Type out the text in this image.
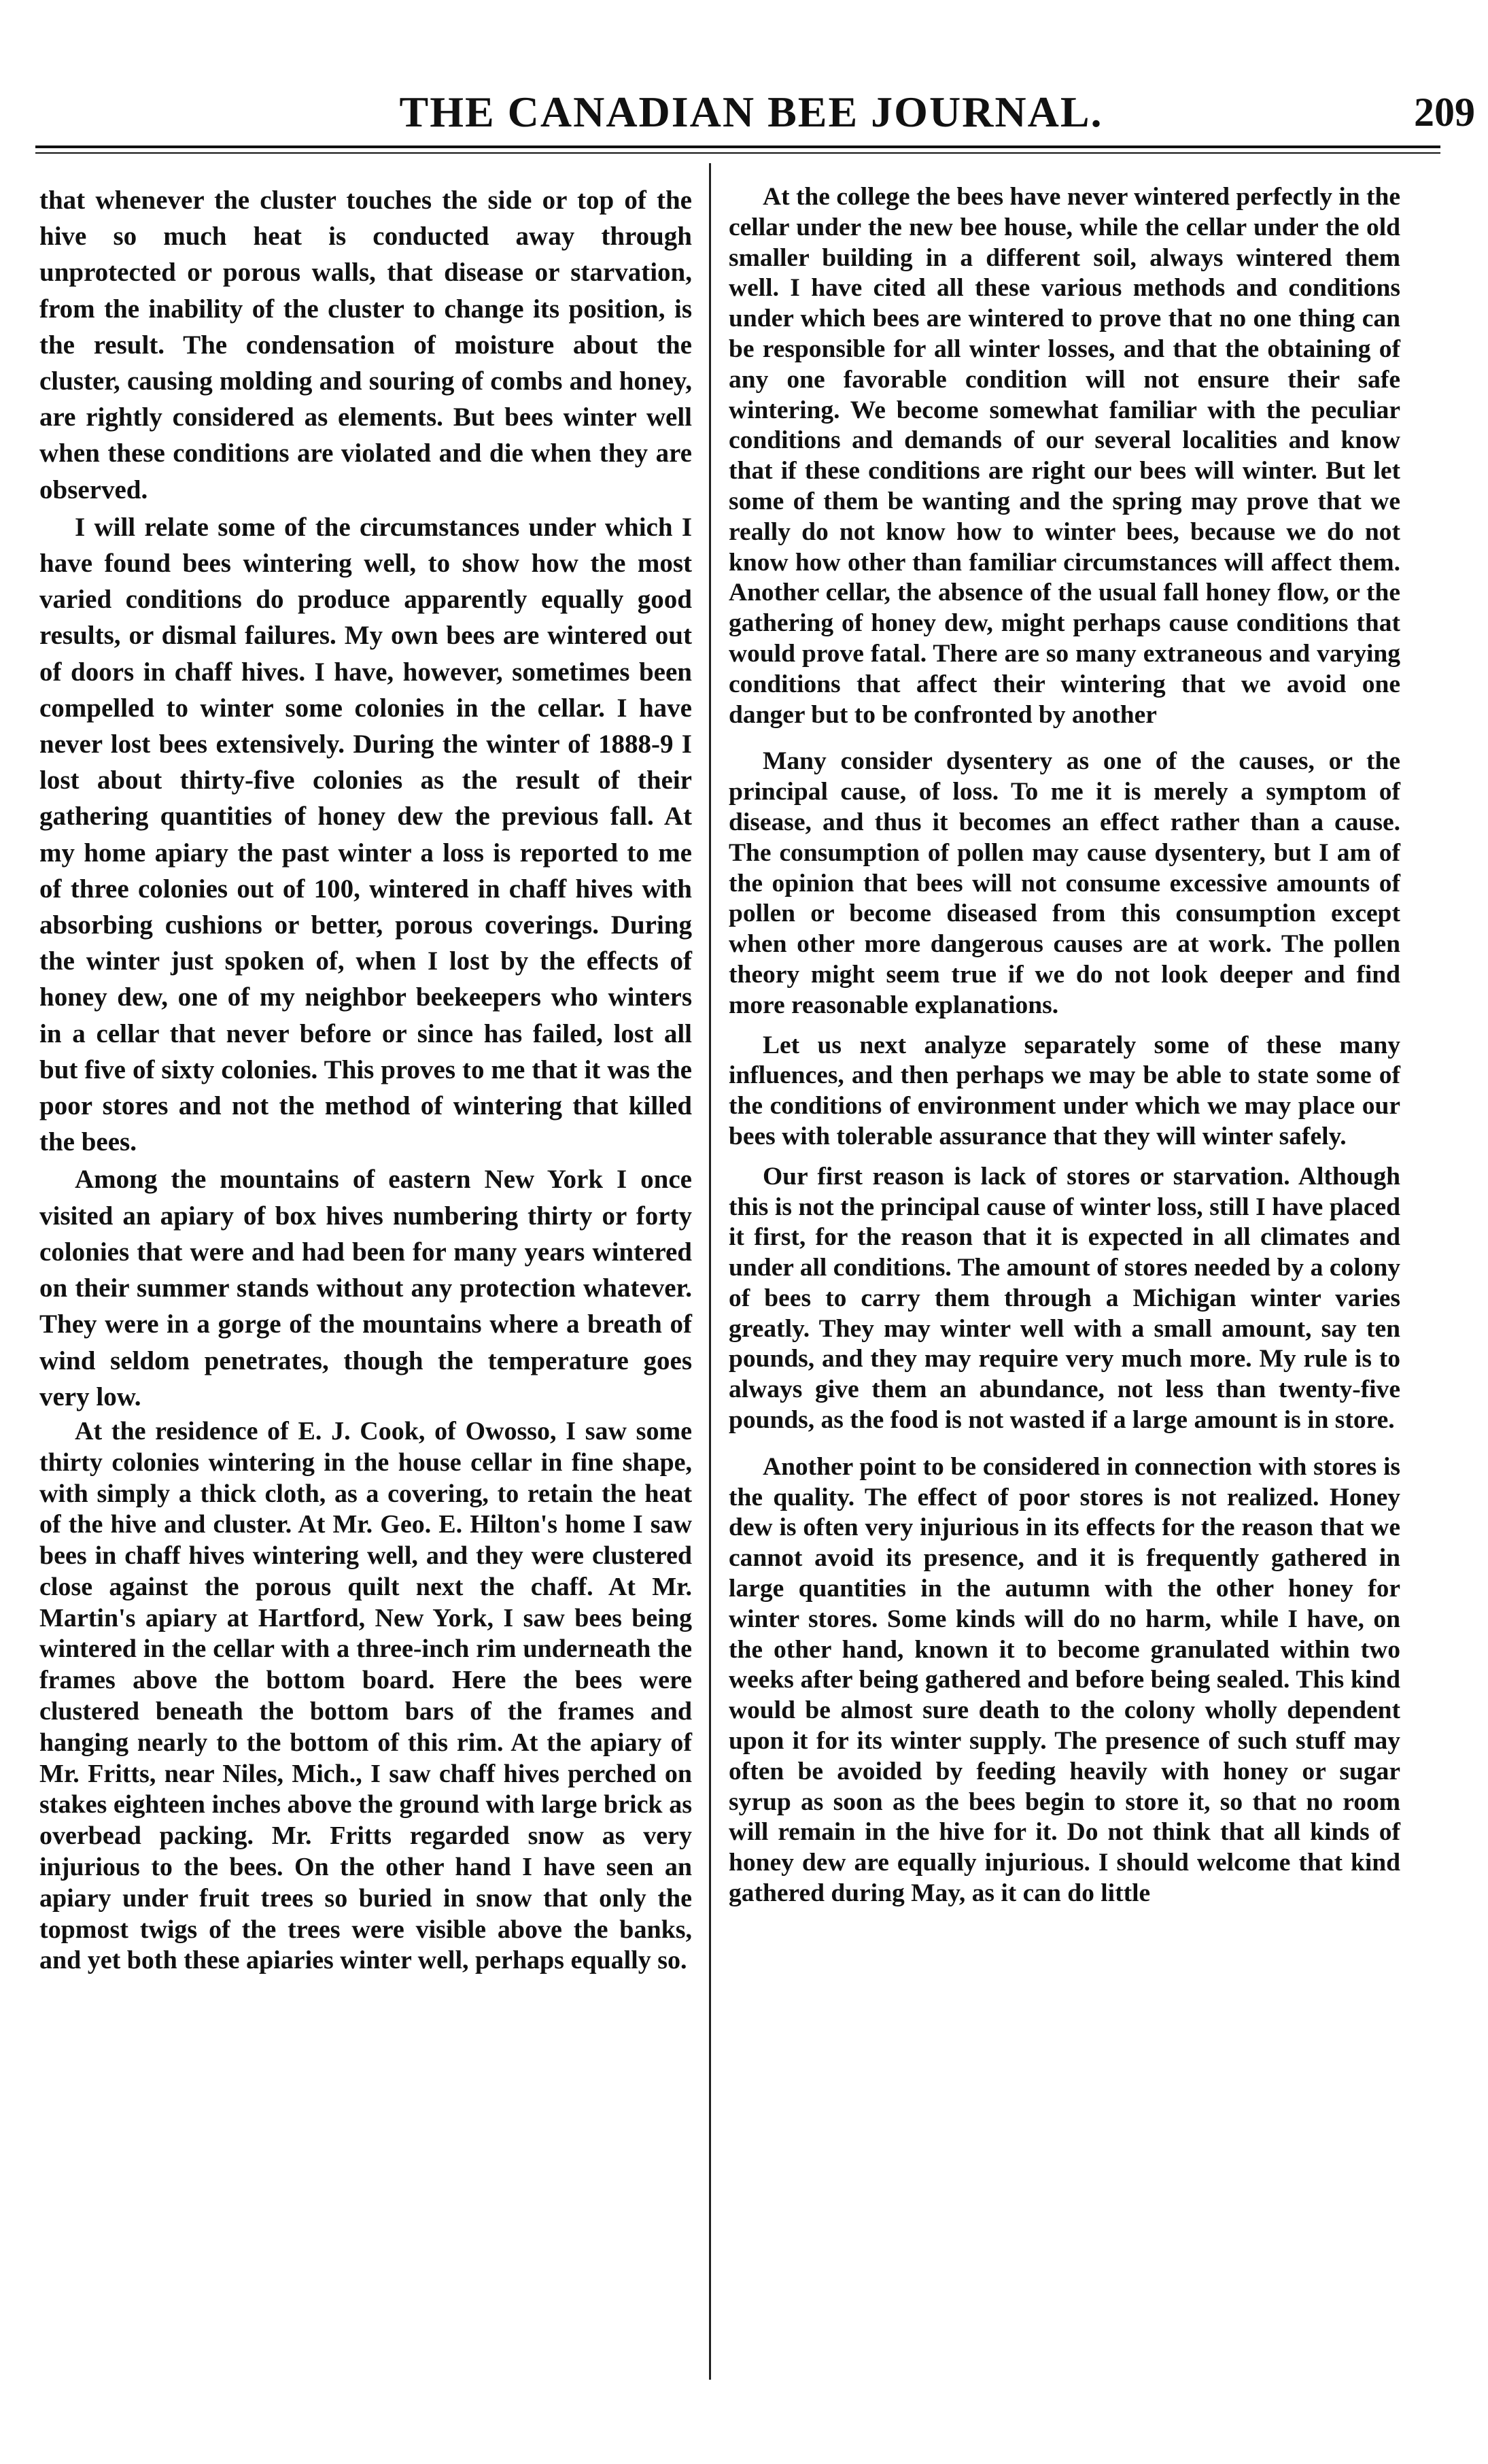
THE CANADIAN BEE JOURNAL.	209

that whenever the cluster touches the side or top of the hive so much heat is conducted away through unprotected or porous walls, that disease or starvation, from the inability of the cluster to change its position, is the result. The condensation of moisture about the cluster, causing molding and souring of combs and honey, are rightly considered as elements. But bees winter well when these conditions are violated and die when they are observed.

I will relate some of the circumstances under which I have found bees wintering well, to show how the most varied conditions do produce apparently equally good results, or dismal failures. My own bees are wintered out of doors in chaff hives. I have, however, sometimes been compelled to winter some colonies in the cellar. I have never lost bees extensively. During the winter of 1888-9 I lost about thirty-five colonies as the result of their gathering quantities of honey dew the previous fall. At my home apiary the past winter a loss is reported to me of three colonies out of 100, wintered in chaff hives with absorbing cushions or better, porous coverings. During the winter just spoken of, when I lost by the effects of honey dew, one of my neighbor beekeepers who winters in a cellar that never before or since has failed, lost all but five of sixty colonies. This proves to me that it was the poor stores and not the method of wintering that killed the bees.

Among the mountains of eastern New York I once visited an apiary of box hives numbering thirty or forty colonies that were and had been for many years wintered on their summer stands without any protection whatever. They were in a gorge of the mountains where a breath of wind seldom penetrates, though the temperature goes very low.

At the residence of E. J. Cook, of Owosso, I saw some thirty colonies wintering in the house cellar in fine shape, with simply a thick cloth, as a covering, to retain the heat of the hive and cluster. At Mr. Geo. E. Hilton's home I saw bees in chaff hives wintering well, and they were clustered close against the porous quilt next the chaff. At Mr. Martin's apiary at Hartford, New York, I saw bees being wintered in the cellar with a three-inch rim underneath the frames above the bottom board. Here the bees were clustered beneath the bottom bars of the frames and hanging nearly to the bottom of this rim. At the apiary of Mr. Fritts, near Niles, Mich., I saw chaff hives perched on stakes eighteen inches above the ground with large brick as overbead packing. Mr. Fritts regarded snow as very injurious to the bees. On the other hand I have seen an apiary under fruit trees so buried in snow that only the topmost twigs of the trees were visible above the banks, and yet both these apiaries winter well, perhaps equally so.

At the college the bees have never wintered perfectly in the cellar under the new bee house, while the cellar under the old smaller building in a different soil, always wintered them well. I have cited all these various methods and conditions under which bees are wintered to prove that no one thing can be responsible for all winter losses, and that the obtaining of any one favorable condition will not ensure their safe wintering. We become somewhat familiar with the peculiar conditions and demands of our several localities and know that if these conditions are right our bees will winter. But let some of them be wanting and the spring may prove that we really do not know how to winter bees, because we do not know how other than familiar circumstances will affect them. Another cellar, the absence of the usual fall honey flow, or the gathering of honey dew, might perhaps cause conditions that would prove fatal. There are so many extraneous and varying conditions that affect their wintering that we avoid one danger but to be confronted by another

Many consider dysentery as one of the causes, or the principal cause, of loss. To me it is merely a symptom of disease, and thus it becomes an effect rather than a cause. The consumption of pollen may cause dysentery, but I am of the opinion that bees will not consume excessive amounts of pollen or become diseased from this consumption except when other more dangerous causes are at work. The pollen theory might seem true if we do not look deeper and find more reasonable explanations.

Let us next analyze separately some of these many influences, and then perhaps we may be able to state some of the conditions of environment under which we may place our bees with tolerable assurance that they will winter safely.

Our first reason is lack of stores or starvation. Although this is not the principal cause of winter loss, still I have placed it first, for the reason that it is expected in all climates and under all conditions. The amount of stores needed by a colony of bees to carry them through a Michigan winter varies greatly. They may winter well with a small amount, say ten pounds, and they may require very much more. My rule is to always give them an abundance, not less than twenty-five pounds, as the food is not wasted if a large amount is in store.

Another point to be considered in connection with stores is the quality. The effect of poor stores is not realized. Honey dew is often very injurious in its effects for the reason that we cannot avoid its presence, and it is frequently gathered in large quantities in the autumn with the other honey for winter stores. Some kinds will do no harm, while I have, on the other hand, known it to become granulated within two weeks after being gathered and before being sealed. This kind would be almost sure death to the colony wholly dependent upon it for its winter supply. The presence of such stuff may often be avoided by feeding heavily with honey or sugar syrup as soon as the bees begin to store it, so that no room will remain in the hive for it. Do not think that all kinds of honey dew are equally injurious. I should welcome that kind gathered during May, as it can do little
